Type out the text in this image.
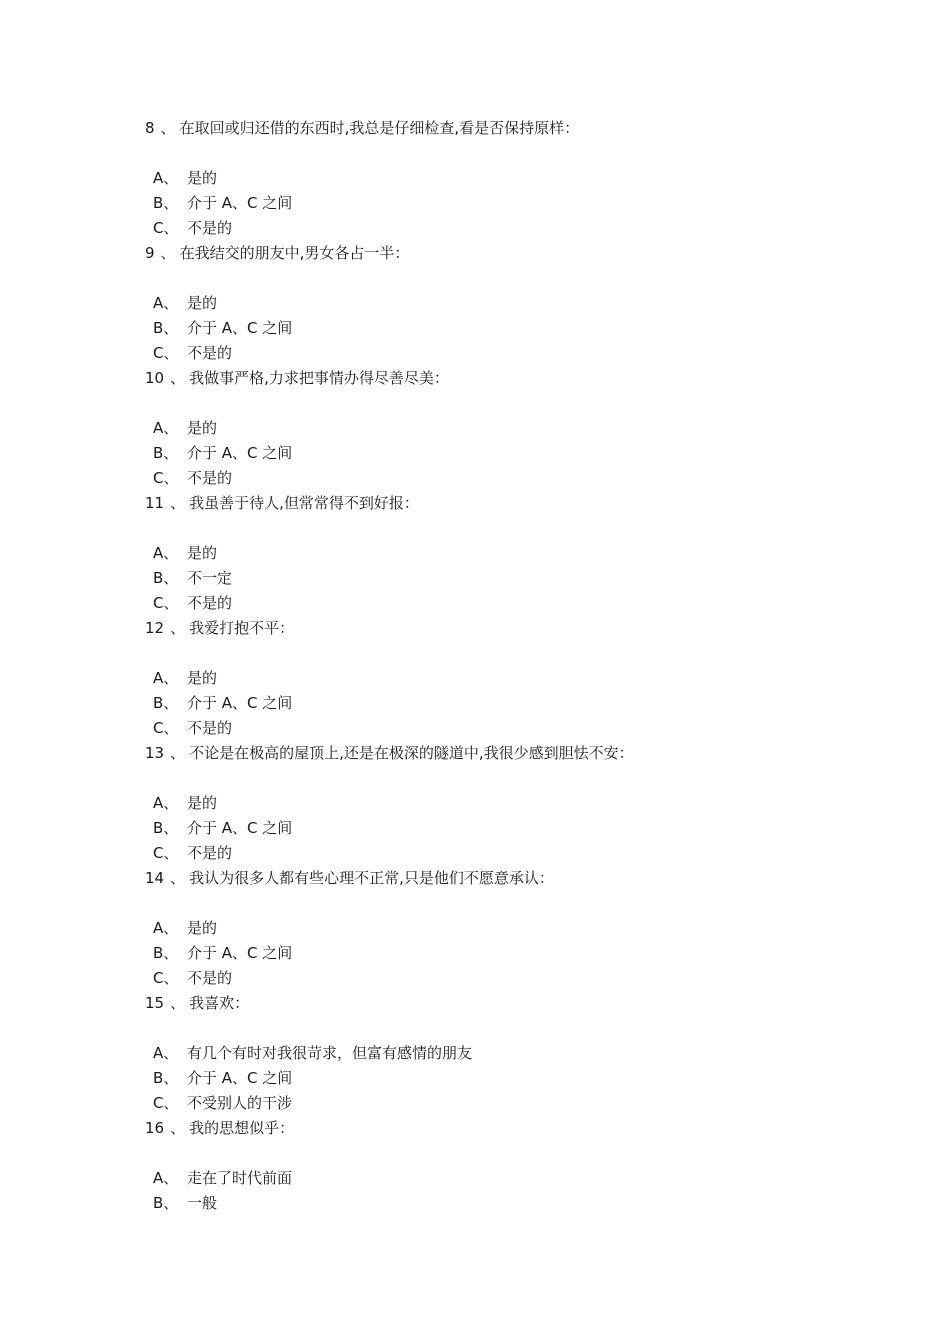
8 、 在取回或归还借的东西时,我总是仔细检查,看是否保持原样：
A、 是的
B、 介于 A、C 之间
C、 不是的
9 、 在我结交的朋友中,男女各占一半：
A、 是的
B、 介于 A、C 之间
C、 不是的
10 、 我做事严格,力求把事情办得尽善尽美：
A、 是的
B、 介于 A、C 之间
C、 不是的
11 、 我虽善于待人,但常常得不到好报：
A、 是的
B、 不一定
C、 不是的
12 、 我爱打抱不平：
A、 是的
B、 介于 A、C 之间
C、 不是的
13 、 不论是在极高的屋顶上,还是在极深的隧道中,我很少感到胆怯不安：
A、 是的
B、 介于 A、C 之间
C、 不是的
14 、 我认为很多人都有些心理不正常,只是他们不愿意承认：
A、 是的
B、 介于 A、C 之间
C、 不是的
15 、 我喜欢：
A、 有几个有时对我很苛求，但富有感情的朋友
B、 介于 A、C 之间
C、 不受别人的干涉
16 、 我的思想似乎：
A、 走在了时代前面
B、 一般
